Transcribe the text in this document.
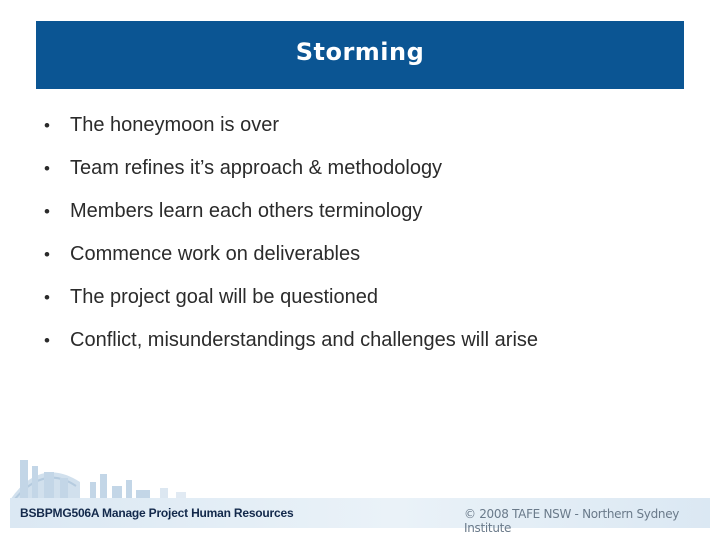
Storming
•	The honeymoon is over
•	Team refines it’s approach & methodology
•	Members learn each others terminology
•	Commence work on deliverables
•	The project goal will be questioned
•	Conflict, misunderstandings and challenges will arise
BSBPMG506A Manage Project Human Resources	© 2008 TAFE NSW - Northern Sydney Institute
